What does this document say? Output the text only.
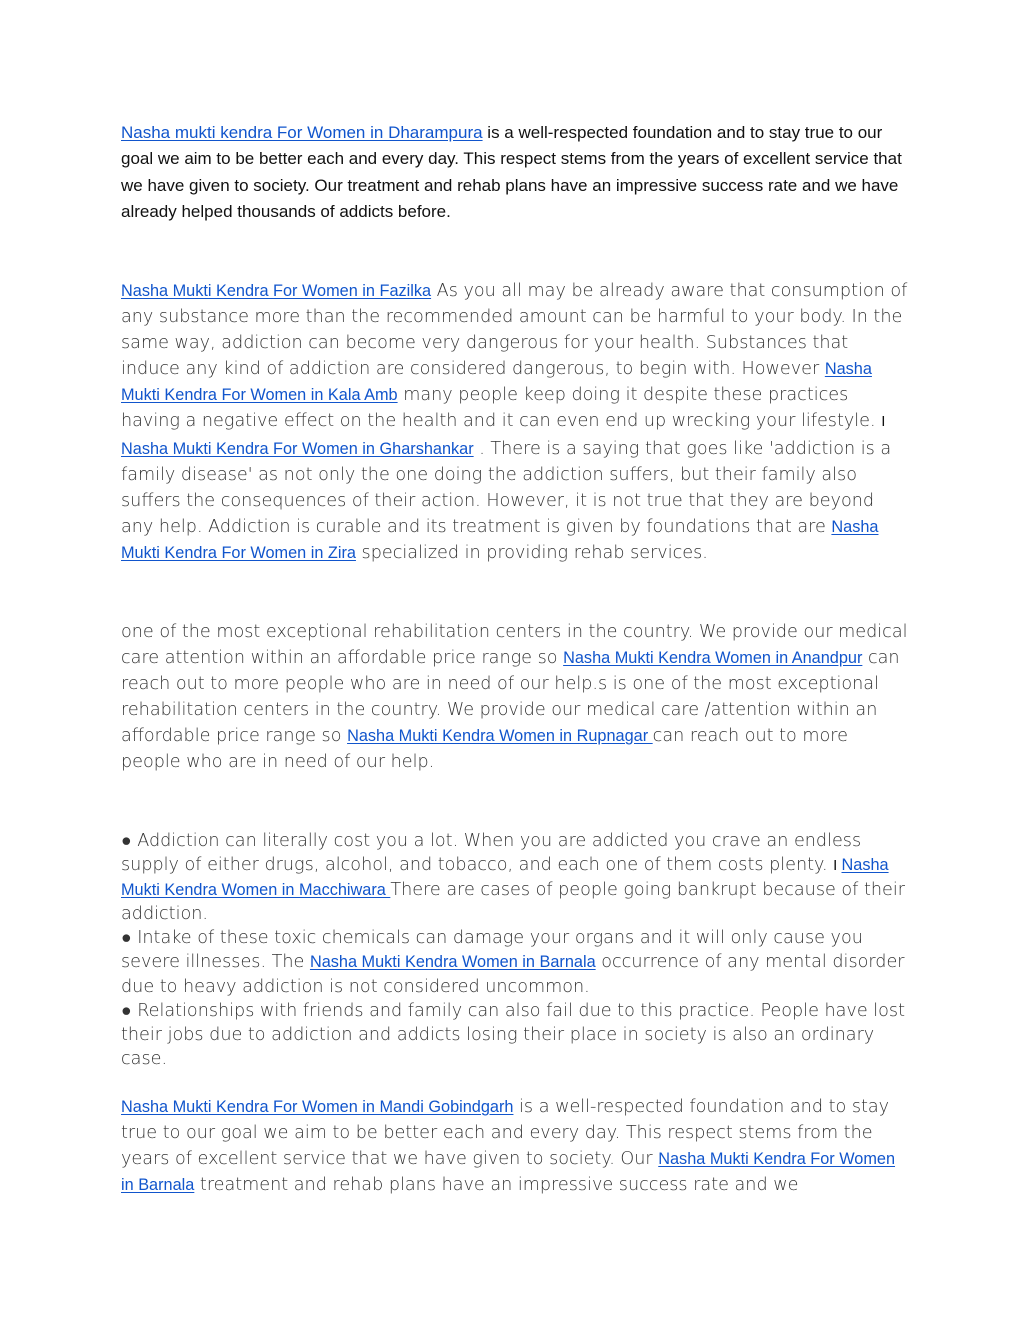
Nasha mukti kendra For Women in Dharampura is a well-respected foundation and to stay true to our goal we aim to be better each and every day. This respect stems from the years of excellent service that we have given to society. Our treatment and rehab plans have an impressive success rate and we have already helped thousands of addicts before.

Nasha Mukti Kendra For Women in Fazilka As you all may be already aware that consumption of any substance more than the recommended amount can be harmful to your body. In the same way, addiction can become very dangerous for your health. Substances that induce any kind of addiction are considered dangerous, to begin with. However Nasha Mukti Kendra For Women in Kala Amb many people keep doing it despite these practices having a negative effect on the health and it can even end up wrecking your lifestyle. I Nasha Mukti Kendra For Women in Gharshankar . There is a saying that goes like 'addiction is a family disease' as not only the one doing the addiction suffers, but their family also suffers the consequences of their action. However, it is not true that they are beyond any help. Addiction is curable and its treatment is given by foundations that are Nasha Mukti Kendra For Women in Zira specialized in providing rehab services.

one of the most exceptional rehabilitation centers in the country. We provide our medical care attention within an affordable price range so Nasha Mukti Kendra Women in Anandpur can reach out to more people who are in need of our help.s is one of the most exceptional rehabilitation centers in the country. We provide our medical care /attention within an affordable price range so Nasha Mukti Kendra Women in Rupnagar can reach out to more people who are in need of our help.

● Addiction can literally cost you a lot. When you are addicted you crave an endless supply of either drugs, alcohol, and tobacco, and each one of them costs plenty. I Nasha Mukti Kendra Women in Macchiwara There are cases of people going bankrupt because of their addiction.
● Intake of these toxic chemicals can damage your organs and it will only cause you severe illnesses. The Nasha Mukti Kendra Women in Barnala occurrence of any mental disorder due to heavy addiction is not considered uncommon.
● Relationships with friends and family can also fail due to this practice. People have lost their jobs due to addiction and addicts losing their place in society is also an ordinary case.

Nasha Mukti Kendra For Women in Mandi Gobindgarh is a well-respected foundation and to stay true to our goal we aim to be better each and every day. This respect stems from the years of excellent service that we have given to society. Our Nasha Mukti Kendra For Women in Barnala treatment and rehab plans have an impressive success rate and we
